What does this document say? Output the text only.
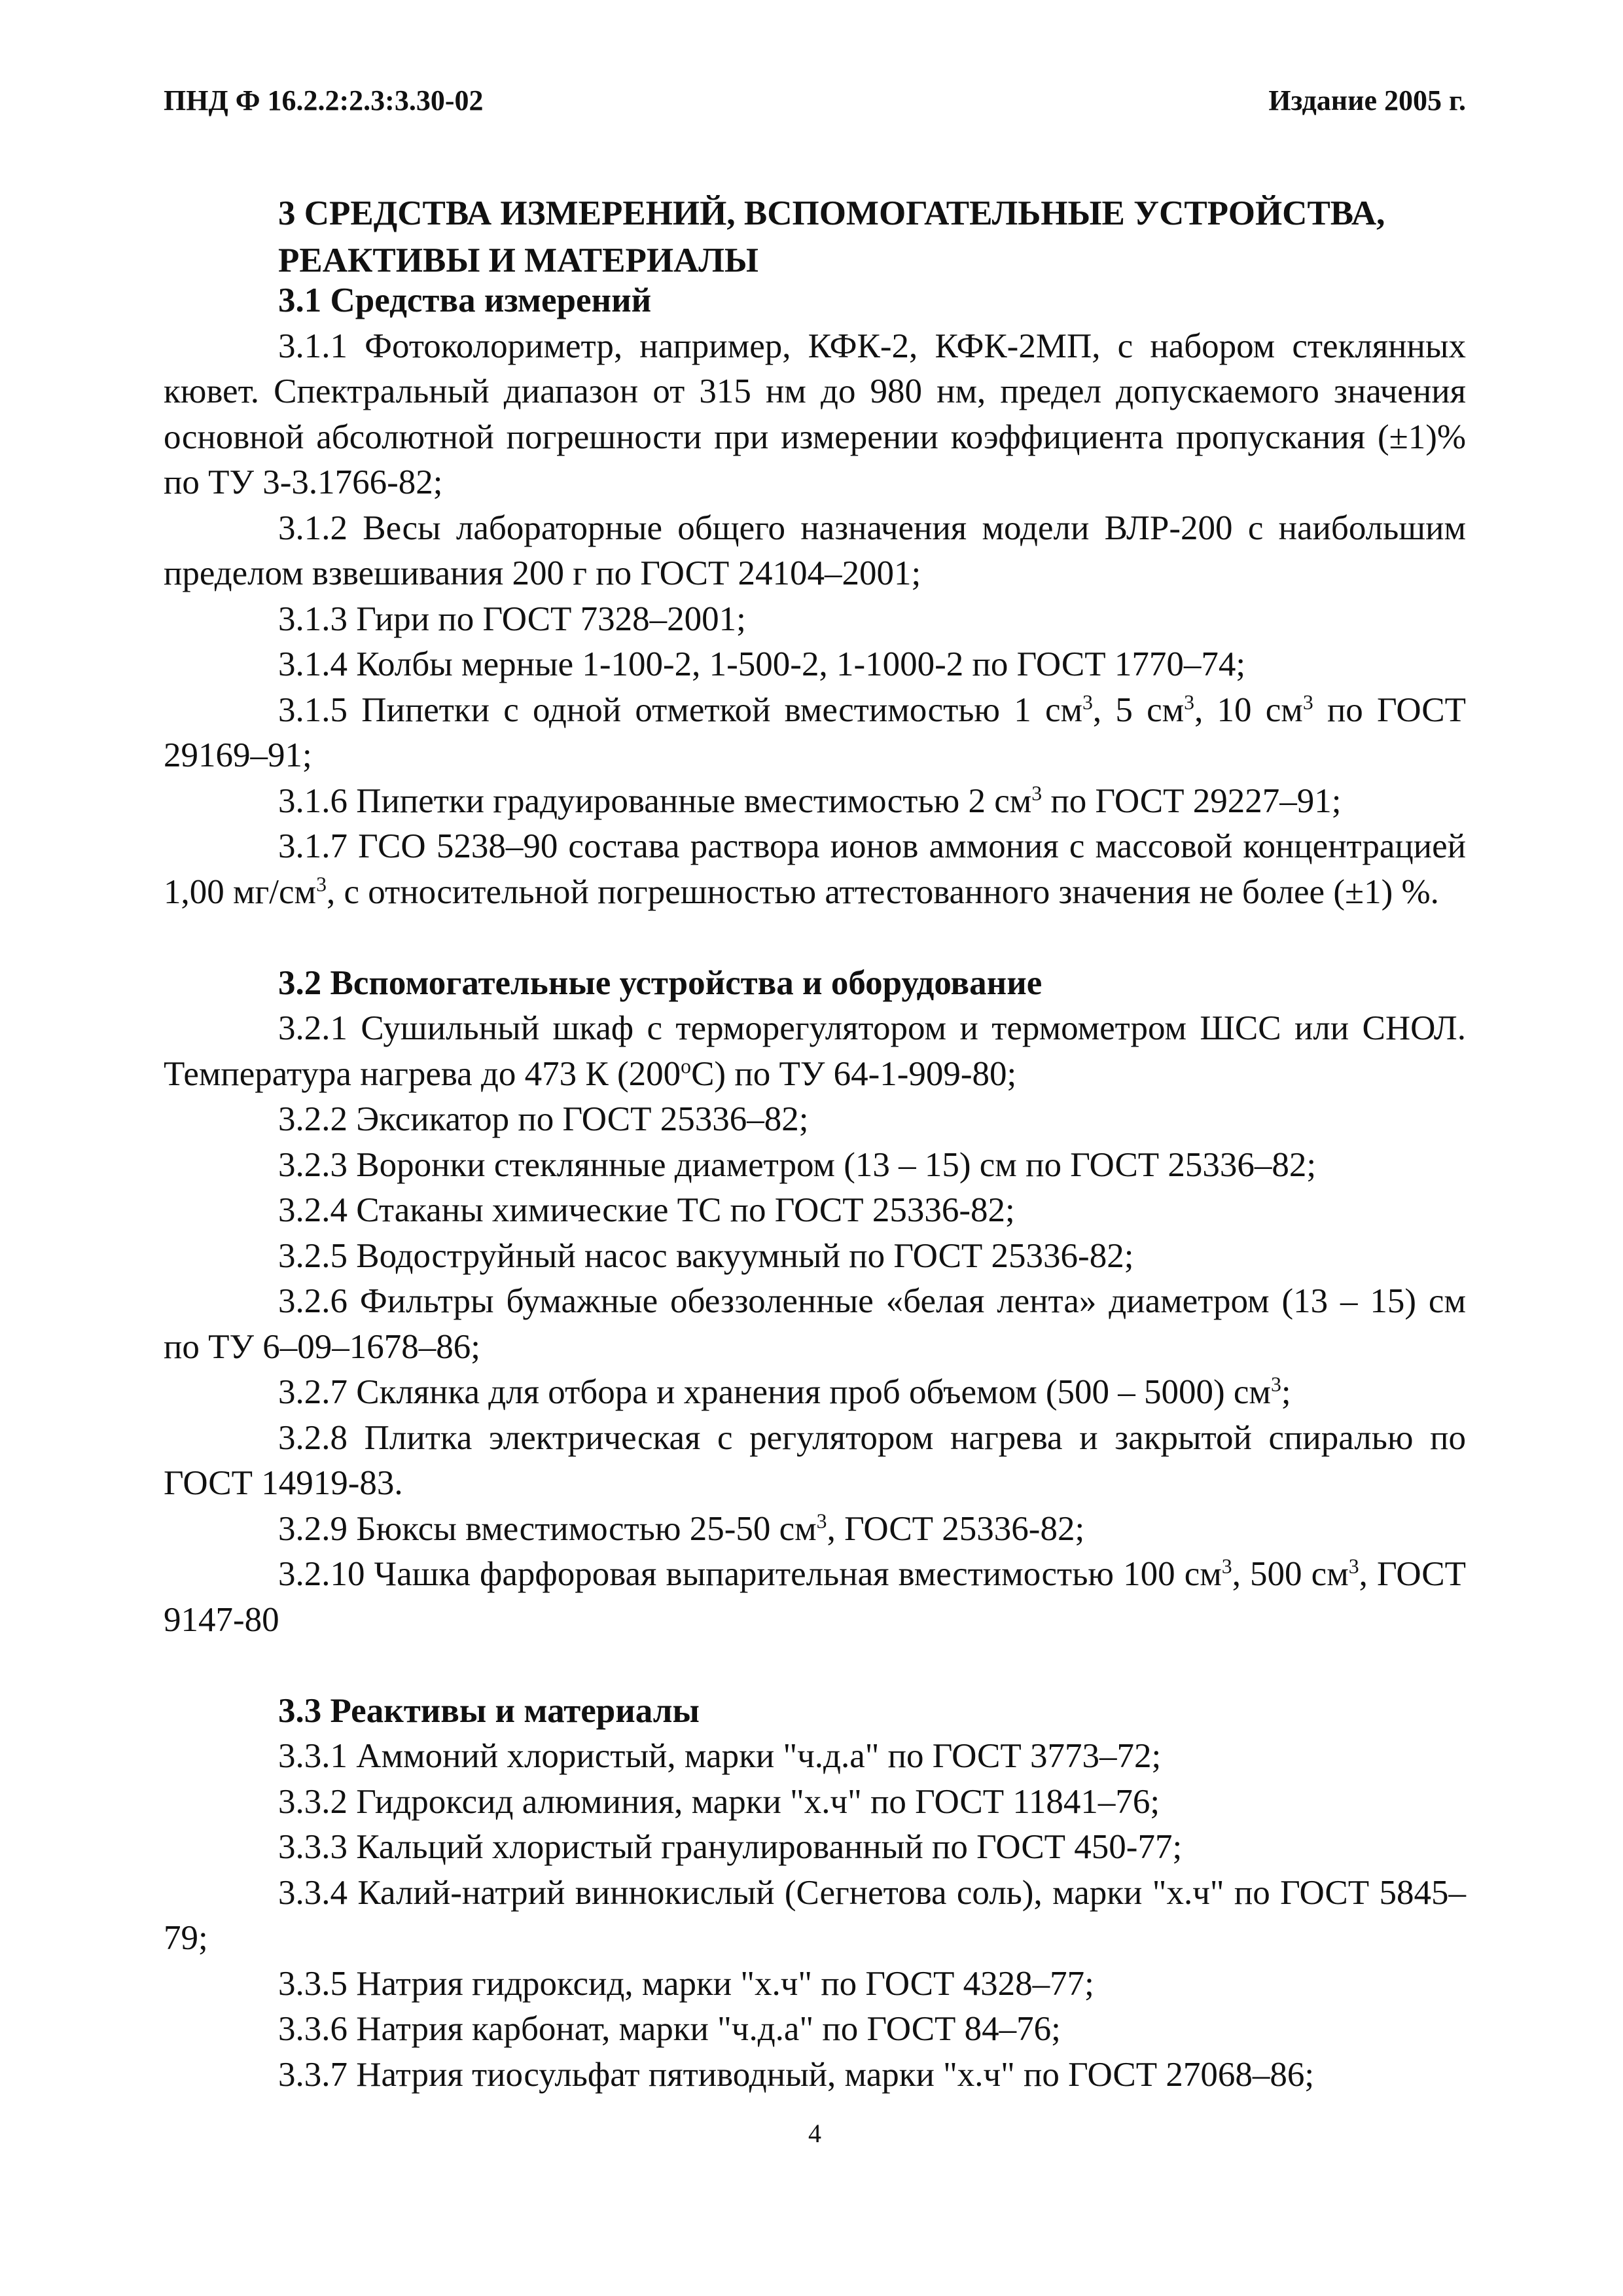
ПНД Ф 16.2.2:2.3:3.30-02	Издание 2005 г.
3 СРЕДСТВА ИЗМЕРЕНИЙ, ВСПОМОГАТЕЛЬНЫЕ УСТРОЙСТВА, РЕАКТИВЫ И МАТЕРИАЛЫ

3.1 Средства измерений

3.1.1 Фотоколориметр, например, КФК-2, КФК-2МП, с набором стеклянных кювет. Спектральный диапазон от 315 нм до 980 нм, предел допускаемого значения основной абсолютной погрешности при измерении коэффициента пропускания (±1)% по ТУ 3-3.1766-82;

3.1.2 Весы лабораторные общего назначения модели ВЛР-200 с наибольшим пределом взвешивания 200 г по ГОСТ 24104–2001;

3.1.3 Гири по ГОСТ 7328–2001;

3.1.4 Колбы мерные 1-100-2, 1-500-2, 1-1000-2 по ГОСТ 1770–74;

3.1.5 Пипетки с одной отметкой вместимостью 1 $см^3$, 5 $см^3$, 10 $см^3$ по ГОСТ 29169–91;

3.1.6 Пипетки градуированные вместимостью 2 $см^3$ по ГОСТ 29227–91;

3.1.7 ГСО 5238–90 состава раствора ионов аммония с массовой концентрацией 1,00 $мг/см^3$, с относительной погрешностью аттестованного значения не более (±1) %.

3.2 Вспомогательные устройства и оборудование

3.2.1 Сушильный шкаф с терморегулятором и термометром ШСС или СНОЛ. Температура нагрева до 473 К (200$^o$С) по ТУ 64-1-909-80;

3.2.2 Эксикатор по ГОСТ 25336–82;

3.2.3 Воронки стеклянные диаметром (13 – 15) см по ГОСТ 25336–82;

3.2.4 Стаканы химические ТС по ГОСТ 25336-82;

3.2.5 Водоструйный насос вакуумный по ГОСТ 25336-82;

3.2.6 Фильтры бумажные обеззоленные «белая лента» диаметром (13 – 15) см по ТУ 6–09–1678–86;

3.2.7 Склянка для отбора и хранения проб объемом (500 – 5000) $см^3$;

3.2.8 Плитка электрическая с регулятором нагрева и закрытой спиралью по ГОСТ 14919-83.

3.2.9 Бюксы вместимостью 25-50 $см^3$, ГОСТ 25336-82;

3.2.10 Чашка фарфоровая выпарительная вместимостью 100 $см^3$, 500 $см^3$, ГОСТ 9147-80

3.3 Реактивы и материалы

3.3.1 Аммоний хлористый, марки "ч.д.а" по ГОСТ 3773–72;

3.3.2 Гидроксид алюминия, марки "х.ч" по ГОСТ 11841–76;

3.3.3 Кальций хлористый гранулированный по ГОСТ 450-77;

3.3.4 Калий-натрий виннокислый (Сегнетова соль), марки "х.ч" по ГОСТ 5845–79;

3.3.5 Натрия гидроксид, марки "х.ч" по ГОСТ 4328–77;

3.3.6 Натрия карбонат, марки "ч.д.а" по ГОСТ 84–76;

3.3.7 Натрия тиосульфат пятиводный, марки "х.ч" по ГОСТ 27068–86;

4
